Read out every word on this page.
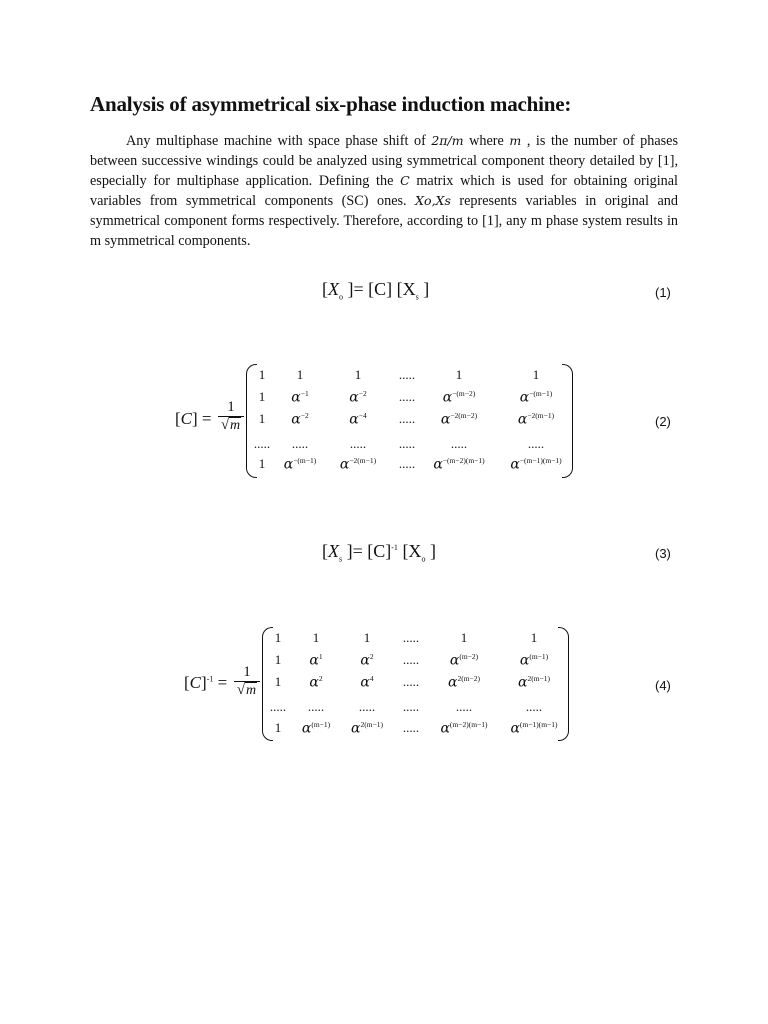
Analysis of asymmetrical six-phase induction machine:

Any multiphase machine with space phase shift of 2π/m where m , is the number of phases between successive windings could be analyzed using symmetrical component theory detailed by [1], especially for multiphase application. Defining the C matrix which is used for obtaining original variables from symmetrical components (SC) ones. Xo,Xs represents variables in original and symmetrical component forms respectively. Therefore, according to [1], any m phase system results in m symmetrical components.

[$X_o$ ]= [C] [$X_s$ ]	(1)
[C] =
1
√m
1	1	1	.....	1	1
1	$\alpha^{-1}$	$\alpha^{-2}$	.....	$\alpha^{-(m-2)}$	$\alpha^{-(m-1)}$
1	$\alpha^{-2}$	$\alpha^{-4}$	.....	$\alpha^{-2(m-2)}$	$\alpha^{-2(m-1)}$
.....	.....	.....	.....	.....	.....
1	$\alpha^{-(m-1)}$	$\alpha^{-2(m-1)}$	.....	$\alpha^{-(m-2)(m-1)}$	$\alpha^{-(m-1)(m-1)}$
(2)
[$X_s$ ]= $[C]^{-1}$ [$X_o$ ]	(3)
$[C]^{-1}$ =
1
√m
1	1	1	.....	1	1
1	$\alpha^1$	$\alpha^2$	.....	$\alpha^{(m-2)}$	$\alpha^{(m-1)}$
1	$\alpha^2$	$\alpha^4$	.....	$\alpha^{2(m-2)}$	$\alpha^{2(m-1)}$
.....	.....	.....	.....	.....	.....
1	$\alpha^{(m-1)}$	$\alpha^{2(m-1)}$	.....	$\alpha^{(m-2)(m-1)}$	$\alpha^{(m-1)(m-1)}$
(4)
